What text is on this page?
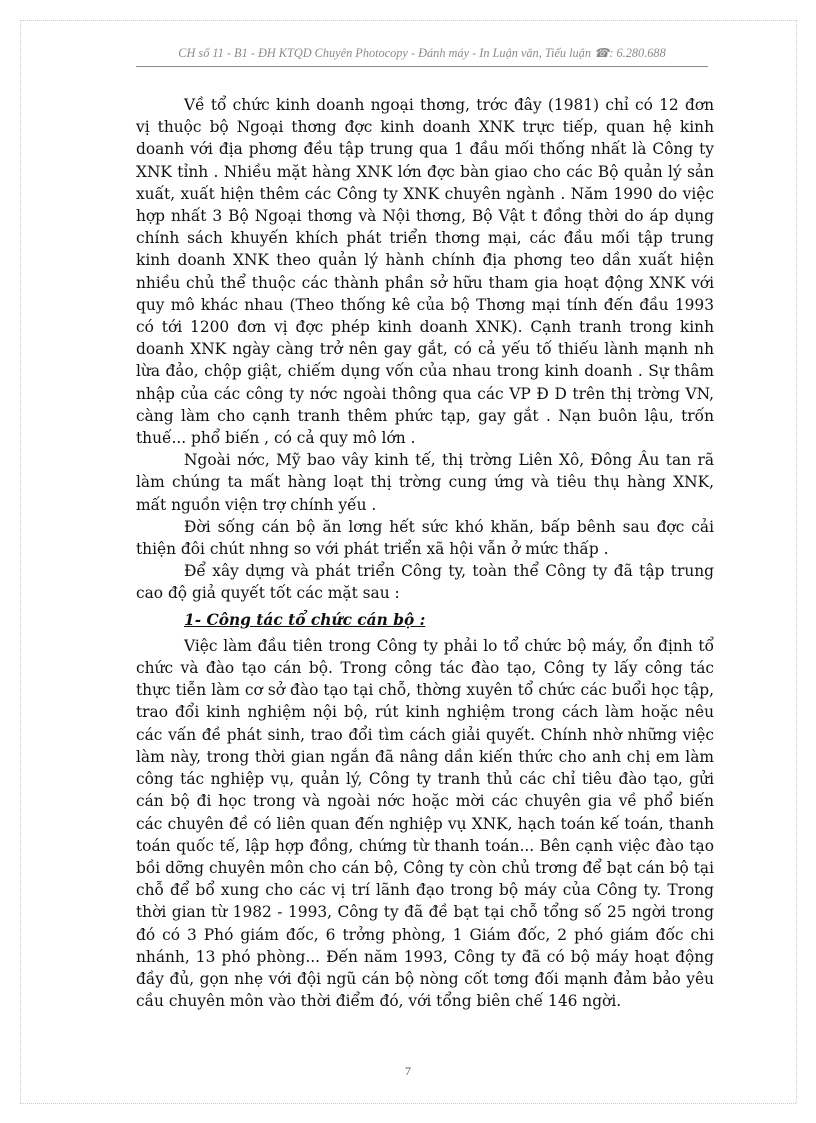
CH số 11 - B1 - ĐH KTQD Chuyên Photocopy - Đánh máy - In Luận văn, Tiểu luận ☎: 6.280.688

Về tổ chức kinh doanh ngoại thơng, trớc đây (1981) chỉ có 12 đơn vị thuộc bộ Ngoại thơng đợc kinh doanh XNK trực tiếp, quan hệ kinh doanh với địa phơng đều tập trung qua 1 đầu mối thống nhất là Công ty XNK tỉnh . Nhiều mặt hàng XNK lớn đợc bàn giao cho các Bộ quản lý sản xuất, xuất hiện thêm các Công ty XNK chuyên ngành . Năm 1990 do việc hợp nhất 3 Bộ Ngoại thơng và Nội thơng, Bộ Vật t đồng thời do áp dụng chính sách khuyến khích phát triển thơng mại, các đầu mối tập trung kinh doanh XNK theo quản lý hành chính địa phơng teo dần xuất hiện nhiều chủ thể thuộc các thành phần sở hữu tham gia hoạt động XNK với quy mô khác nhau (Theo thống kê của bộ Thơng mại tính đến đầu 1993 có tới 1200 đơn vị đợc phép kinh doanh XNK). Cạnh tranh trong kinh doanh XNK ngày càng trở nên gay gắt, có cả yếu tố thiếu lành mạnh nh lừa đảo, chộp giật, chiếm dụng vốn của nhau trong kinh doanh . Sự thâm nhập của các công ty nớc ngoài thông qua các VP Đ D trên thị trờng VN, càng làm cho cạnh tranh thêm phức tạp, gay gắt . Nạn buôn lậu, trốn thuế... phổ biến , có cả quy mô lớn .

Ngoài nớc, Mỹ bao vây kinh tế, thị trờng Liên Xô, Đông Âu tan rã làm chúng ta mất hàng loạt thị trờng cung ứng và tiêu thụ hàng XNK, mất nguồn viện trợ chính yếu .

Đời sống cán bộ ăn lơng hết sức khó khăn, bấp bênh sau đợc cải thiện đôi chút nhng so với phát triển xã hội vẫn ở mức thấp .

Để xây dựng và phát triển Công ty, toàn thể Công ty đã tập trung cao độ giả quyết tốt các mặt sau :

1- Công tác tổ chức cán bộ :

Việc làm đầu tiên trong Công ty phải lo tổ chức bộ máy, ổn định tổ chức và đào tạo cán bộ. Trong công tác đào tạo, Công ty lấy công tác thực tiễn làm cơ sở đào tạo tại chỗ, thờng xuyên tổ chức các buổi học tập, trao đổi kinh nghiệm nội bộ, rút kinh nghiệm trong cách làm hoặc nêu các vấn đề phát sinh, trao đổi tìm cách giải quyết. Chính nhờ những việc làm này, trong thời gian ngắn đã nâng dần kiến thức cho anh chị em làm công tác nghiệp vụ, quản lý, Công ty tranh thủ các chỉ tiêu đào tạo, gửi cán bộ đi học trong và ngoài nớc hoặc mời các chuyên gia về phổ biến các chuyên đề có liên quan đến nghiệp vụ XNK, hạch toán kế toán, thanh toán quốc tế, lập hợp đồng, chứng từ thanh toán... Bên cạnh việc đào tạo bồi dỡng chuyên môn cho cán bộ, Công ty còn chủ trơng để bạt cán bộ tại chỗ để bổ xung cho các vị trí lãnh đạo trong bộ máy của Công ty. Trong thời gian từ 1982 - 1993, Công ty đã đề bạt tại chỗ tổng số 25 ngời trong đó có 3 Phó giám đốc, 6 trởng phòng, 1 Giám đốc, 2 phó giám đốc chi nhánh, 13 phó phòng... Đến năm 1993, Công ty đã có bộ máy hoạt động đầy đủ, gọn nhẹ với đội ngũ cán bộ nòng cốt tơng đối mạnh đảm bảo yêu cầu chuyên môn vào thời điểm đó, với tổng biên chế 146 ngời.

7
